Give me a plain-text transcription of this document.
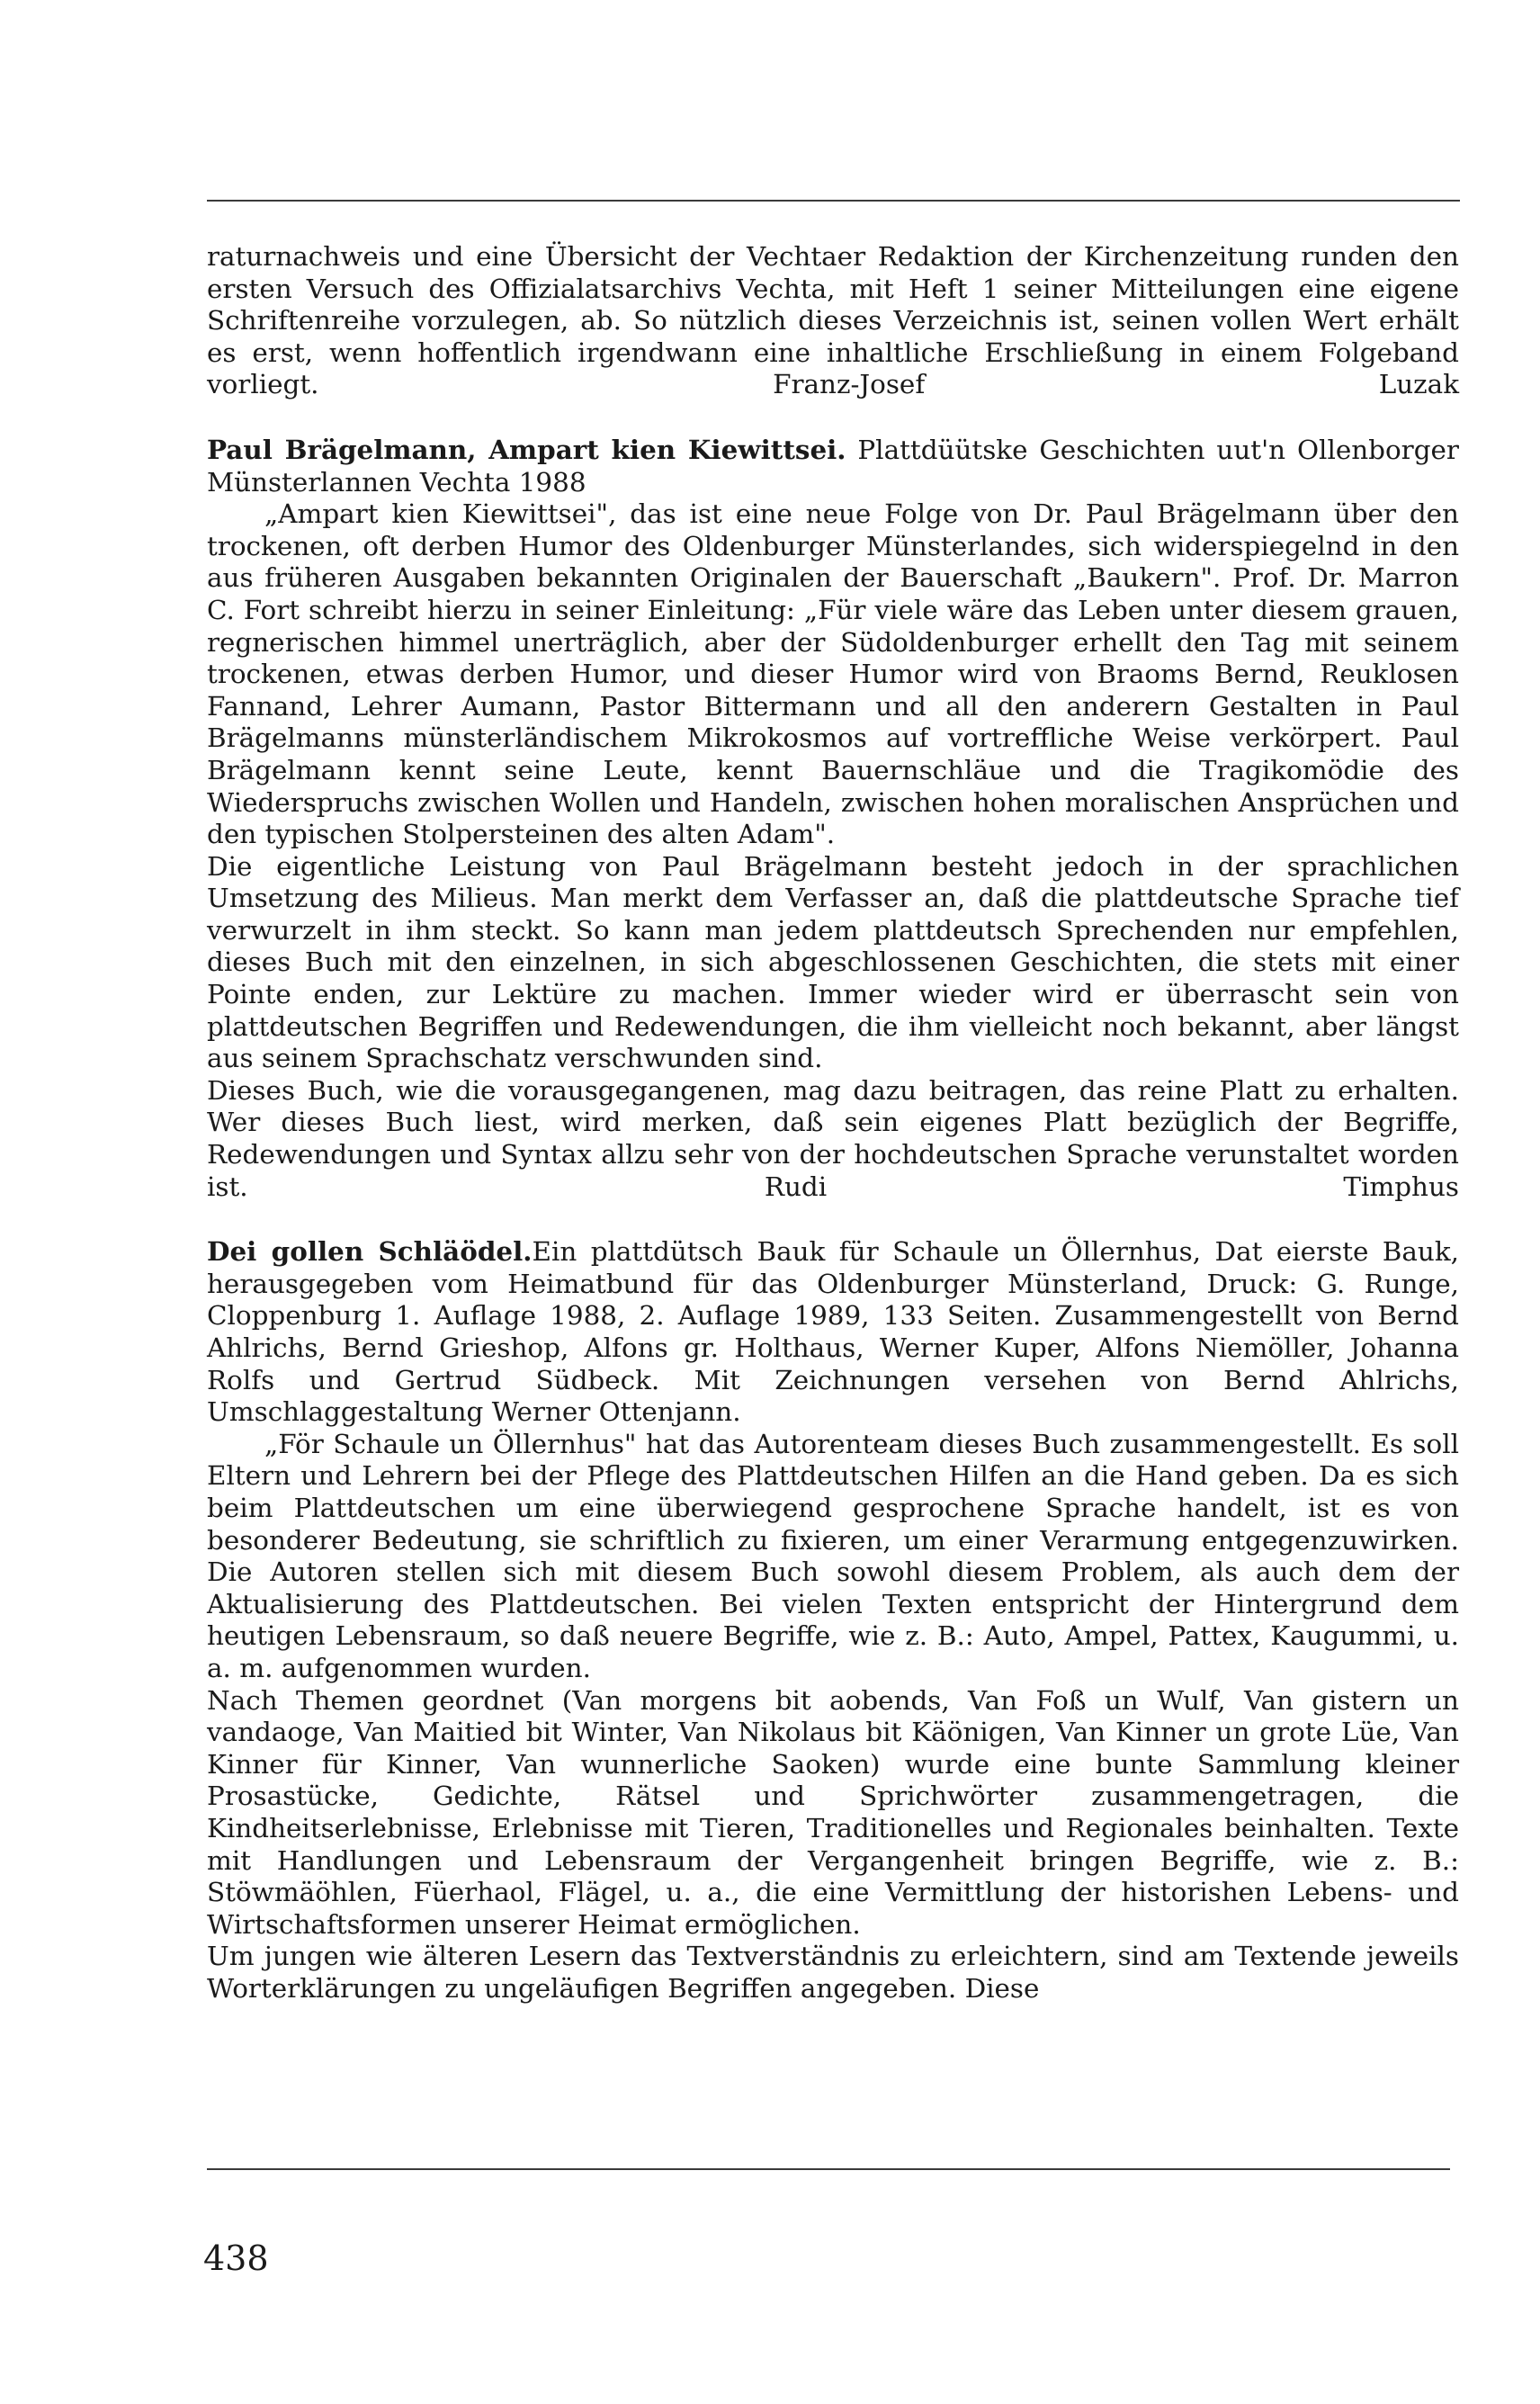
raturnachweis und eine Übersicht der Vechtaer Redaktion der Kirchenzeitung runden den ersten Versuch des Offizialatsarchivs Vechta, mit Heft 1 seiner Mitteilungen eine eigene Schriftenreihe vorzulegen, ab. So nützlich dieses Verzeichnis ist, seinen vollen Wert erhält es erst, wenn hoffentlich irgendwann eine inhaltliche Erschließung in einem Folgeband vorliegt.	Franz-Josef Luzak

Paul Brägelmann, Ampart kien Kiewittsei. Plattdüütske Geschichten uut'n Ollenborger Münsterlannen Vechta 1988

„Ampart kien Kiewittsei", das ist eine neue Folge von Dr. Paul Brägelmann über den trockenen, oft derben Humor des Oldenburger Münsterlandes, sich widerspiegelnd in den aus früheren Ausgaben bekannten Originalen der Bauerschaft „Baukern". Prof. Dr. Marron C. Fort schreibt hierzu in seiner Einleitung: „Für viele wäre das Leben unter diesem grauen, regnerischen himmel unerträglich, aber der Südoldenburger erhellt den Tag mit seinem trockenen, etwas derben Humor, und dieser Humor wird von Braoms Bernd, Reuklosen Fannand, Lehrer Aumann, Pastor Bittermann und all den anderern Gestalten in Paul Brägelmanns münsterländischem Mikrokosmos auf vortreffliche Weise verkörpert. Paul Brägelmann kennt seine Leute, kennt Bauernschläue und die Tragikomödie des Wiederspruchs zwischen Wollen und Handeln, zwischen hohen moralischen Ansprüchen und den typischen Stolpersteinen des alten Adam".

Die eigentliche Leistung von Paul Brägelmann besteht jedoch in der sprachlichen Umsetzung des Milieus. Man merkt dem Verfasser an, daß die plattdeutsche Sprache tief verwurzelt in ihm steckt. So kann man jedem plattdeutsch Sprechenden nur empfehlen, dieses Buch mit den einzelnen, in sich abgeschlossenen Geschichten, die stets mit einer Pointe enden, zur Lektüre zu machen. Immer wieder wird er überrascht sein von plattdeutschen Begriffen und Redewendungen, die ihm vielleicht noch bekannt, aber längst aus seinem Sprachschatz verschwunden sind.

Dieses Buch, wie die vorausgegangenen, mag dazu beitragen, das reine Platt zu erhalten. Wer dieses Buch liest, wird merken, daß sein eigenes Platt bezüglich der Begriffe, Redewendungen und Syntax allzu sehr von der hochdeutschen Sprache verunstaltet worden ist.	Rudi Timphus

Dei gollen Schläödel.Ein plattdütsch Bauk für Schaule un Öllernhus, Dat eierste Bauk, herausgegeben vom Heimatbund für das Oldenburger Münsterland, Druck: G. Runge, Cloppenburg 1. Auflage 1988, 2. Auflage 1989, 133 Seiten. Zusammengestellt von Bernd Ahlrichs, Bernd Grieshop, Alfons gr. Holthaus, Werner Kuper, Alfons Niemöller, Johanna Rolfs und Gertrud Südbeck. Mit Zeichnungen versehen von Bernd Ahlrichs, Umschlaggestaltung Werner Ottenjann.

„För Schaule un Öllernhus" hat das Autorenteam dieses Buch zusammengestellt. Es soll Eltern und Lehrern bei der Pflege des Plattdeutschen Hilfen an die Hand geben. Da es sich beim Plattdeutschen um eine überwiegend gesprochene Sprache handelt, ist es von besonderer Bedeutung, sie schriftlich zu fixieren, um einer Verarmung entgegenzuwirken. Die Autoren stellen sich mit diesem Buch sowohl diesem Problem, als auch dem der Aktualisierung des Plattdeutschen. Bei vielen Texten entspricht der Hintergrund dem heutigen Lebensraum, so daß neuere Begriffe, wie z. B.: Auto, Ampel, Pattex, Kaugummi, u. a. m. aufgenommen wurden.

Nach Themen geordnet (Van morgens bit aobends, Van Foß un Wulf, Van gistern un vandaoge, Van Maitied bit Winter, Van Nikolaus bit Käönigen, Van Kinner un grote Lüe, Van Kinner für Kinner, Van wunnerliche Saoken) wurde eine bunte Sammlung kleiner Prosastücke, Gedichte, Rätsel und Sprichwörter zusammengetragen, die Kindheitserlebnisse, Erlebnisse mit Tieren, Traditionelles und Regionales beinhalten. Texte mit Handlungen und Lebensraum der Vergangenheit bringen Begriffe, wie z. B.: Stöwmäöhlen, Füerhaol, Flägel, u. a., die eine Vermittlung der historishen Lebens- und Wirtschaftsformen unserer Heimat ermöglichen.

Um jungen wie älteren Lesern das Textverständnis zu erleichtern, sind am Textende jeweils Worterklärungen zu ungeläufigen Begriffen angegeben. Diese

438
